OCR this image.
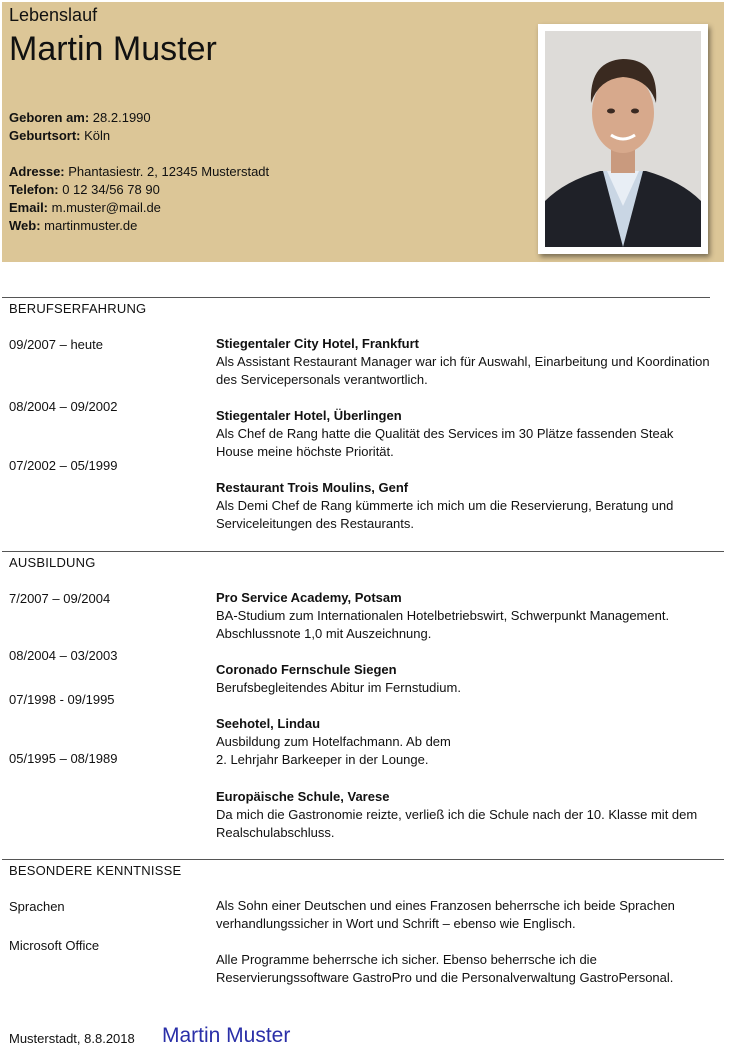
Lebenslauf
Martin Muster
Geboren am: 28.2.1990
Geburtsort: Köln
Adresse: Phantasiestr. 2, 12345 Musterstadt
Telefon: 0 12 34/56 78 90
Email: m.muster@mail.de
Web: martinmuster.de
BERUFSERFAHRUNG
09/2007 – heute
08/2004 – 09/2002
07/2002 – 05/1999
Stiegentaler City Hotel, Frankfurt
Als Assistant Restaurant Manager war ich für Auswahl, Einarbeitung und Koordination
des Servicepersonals verantwortlich.
Stiegentaler Hotel, Überlingen
Als Chef de Rang hatte die Qualität des Services im 30 Plätze fassenden Steak
House meine höchste Priorität.
Restaurant Trois Moulins, Genf
Als Demi Chef de Rang kümmerte ich mich um die Reservierung, Beratung und
Serviceleitungen des Restaurants.
AUSBILDUNG
7/2007 – 09/2004
08/2004 – 03/2003
07/1998 - 09/1995
05/1995 – 08/1989
Pro Service Academy, Potsam
BA-Studium zum Internationalen Hotelbetriebswirt, Schwerpunkt Management.
Abschlussnote 1,0 mit Auszeichnung.
Coronado Fernschule Siegen
Berufsbegleitendes Abitur im Fernstudium.
Seehotel, Lindau
Ausbildung zum Hotelfachmann. Ab dem
2. Lehrjahr Barkeeper in der Lounge.
Europäische Schule, Varese
Da mich die Gastronomie reizte, verließ ich die Schule nach der 10. Klasse mit dem
Realschulabschluss.
BESONDERE KENNTNISSE
Sprachen
Microsoft Office
Als Sohn einer Deutschen und eines Franzosen beherrsche ich beide Sprachen
verhandlungssicher in Wort und Schrift – ebenso wie Englisch.
Alle Programme beherrsche ich sicher. Ebenso beherrsche ich die
Reservierungssoftware GastroPro und die Personalverwaltung GastroPersonal.
Musterstadt, 8.8.2018 Martin Muster
